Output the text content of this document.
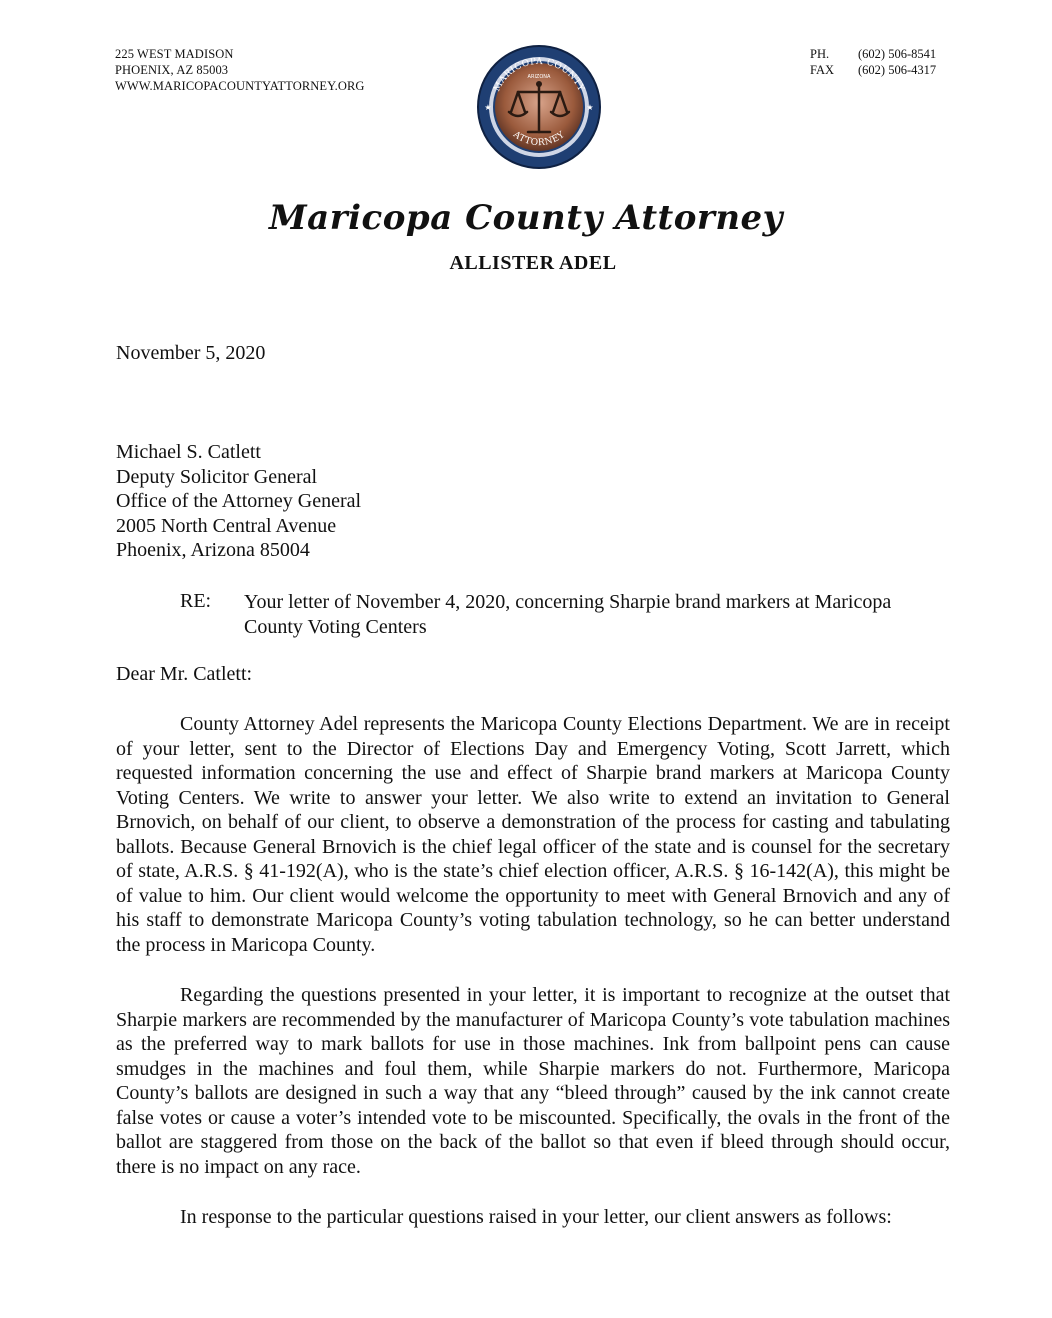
225 WEST MADISON
PHOENIX, AZ 85003
WWW.MARICOPACOUNTYATTORNEY.ORG	MARICOPA COUNTY
ATTORNEY
ARIZONA
★	★
PH.	(602) 506-8541
FAX	(602) 506-4317
Maricopa County Attorney
ALLISTER ADEL
November 5, 2020
Michael S. Catlett
Deputy Solicitor General
Office of the Attorney General
2005 North Central Avenue
Phoenix, Arizona 85004
RE: Your letter of November 4, 2020, concerning Sharpie brand markers at Maricopa County Voting Centers
Dear Mr. Catlett:

County Attorney Adel represents the Maricopa County Elections Department. We are in receipt of your letter, sent to the Director of Elections Day and Emergency Voting, Scott Jarrett, which requested information concerning the use and effect of Sharpie brand markers at Maricopa County Voting Centers. We write to answer your letter. We also write to extend an invitation to General Brnovich, on behalf of our client, to observe a demonstration of the process for casting and tabulating ballots. Because General Brnovich is the chief legal officer of the state and is counsel for the secretary of state, A.R.S. § 41-192(A), who is the state’s chief election officer, A.R.S. § 16-142(A), this might be of value to him. Our client would welcome the opportunity to meet with General Brnovich and any of his staff to demonstrate Maricopa County’s voting tabulation technology, so he can better understand the process in Maricopa County.

Regarding the questions presented in your letter, it is important to recognize at the outset that Sharpie markers are recommended by the manufacturer of Maricopa County’s vote tabulation machines as the preferred way to mark ballots for use in those machines. Ink from ballpoint pens can cause smudges in the machines and foul them, while Sharpie markers do not. Furthermore, Maricopa County’s ballots are designed in such a way that any “bleed through” caused by the ink cannot create false votes or cause a voter’s intended vote to be miscounted. Specifically, the ovals in the front of the ballot are staggered from those on the back of the ballot so that even if bleed through should occur, there is no impact on any race.

In response to the particular questions raised in your letter, our client answers as follows:
